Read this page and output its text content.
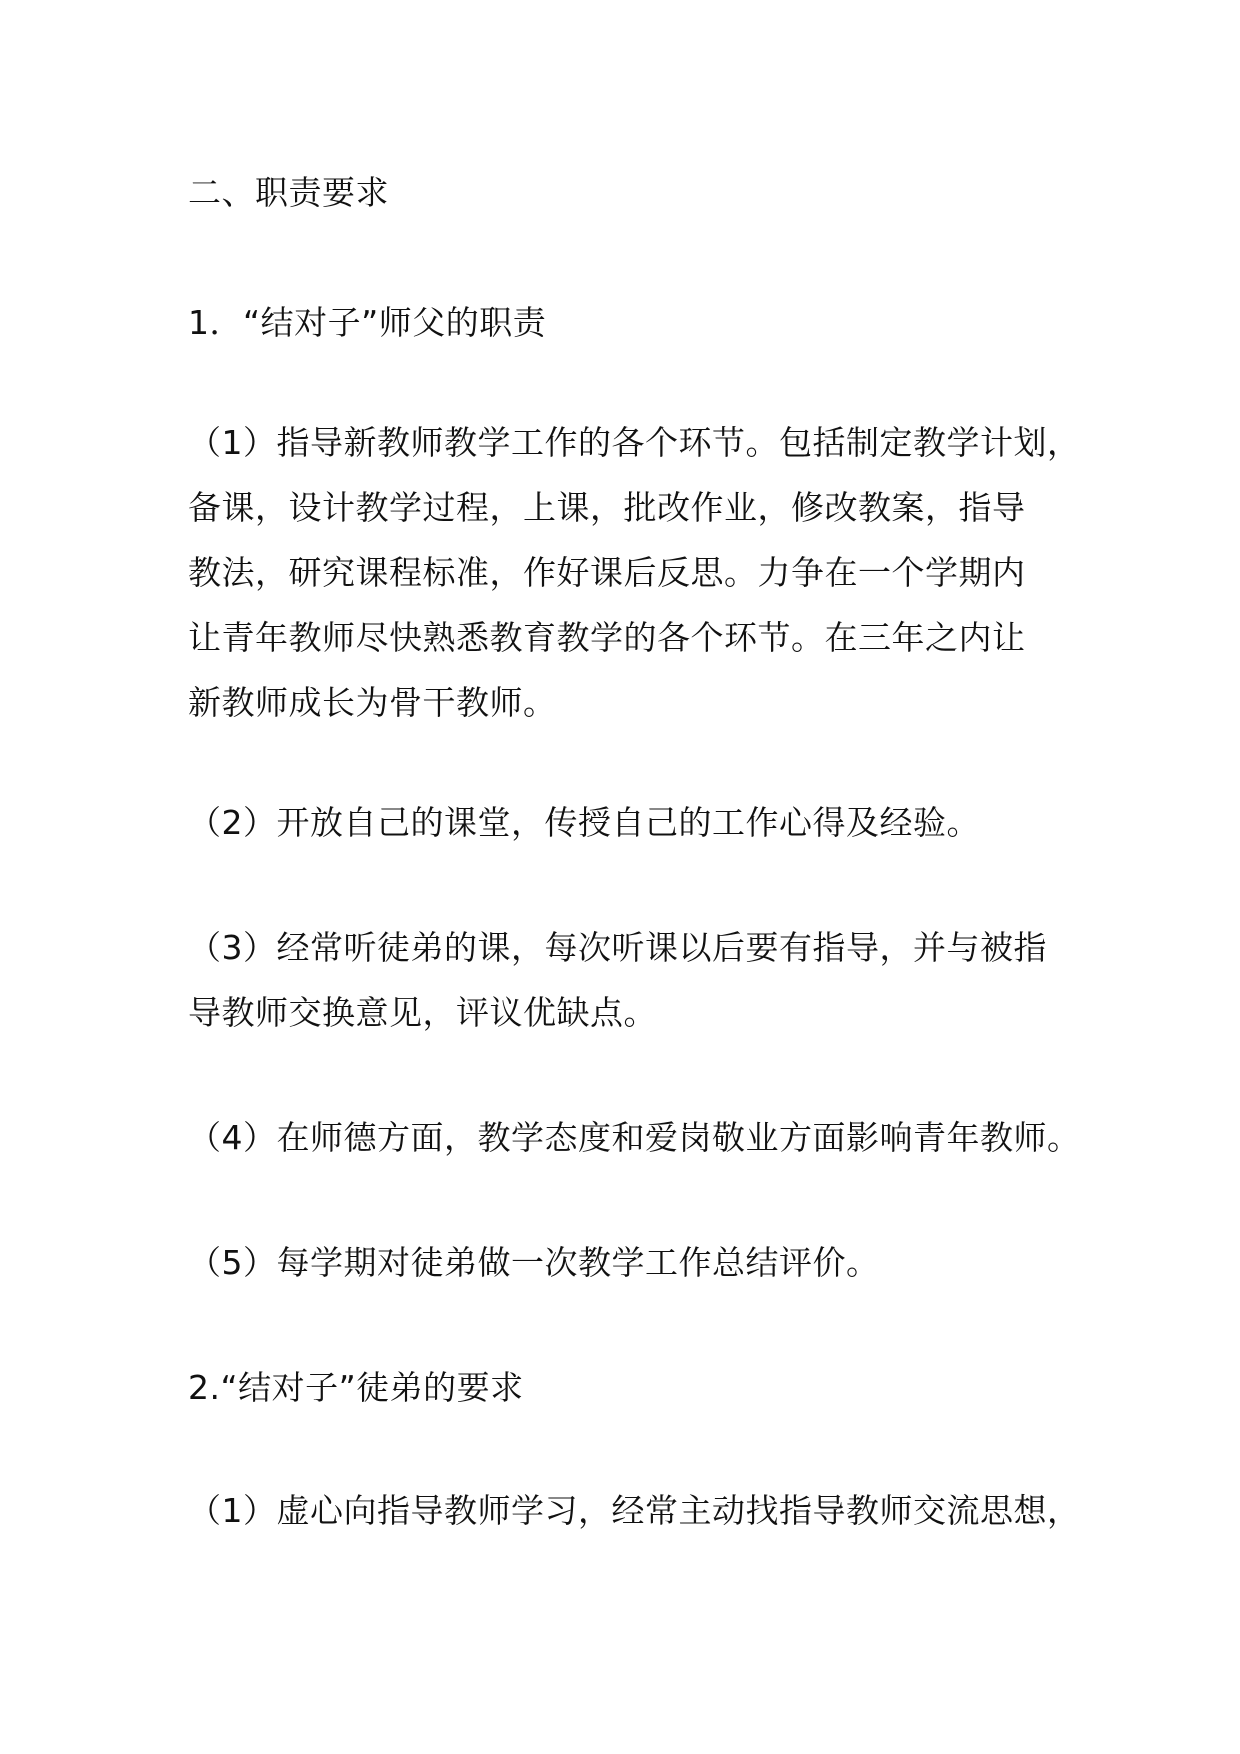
二、职责要求

1．“结对子”师父的职责

（1）指导新教师教学工作的各个环节。包括制定教学计划，
备课，设计教学过程，上课，批改作业，修改教案，指导
教法，研究课程标准，作好课后反思。力争在一个学期内
让青年教师尽快熟悉教育教学的各个环节。在三年之内让
新教师成长为骨干教师。
（2）开放自己的课堂，传授自己的工作心得及经验。
（3）经常听徒弟的课，每次听课以后要有指导，并与被指
导教师交换意见，评议优缺点。
（4）在师德方面，教学态度和爱岗敬业方面影响青年教师。
（5）每学期对徒弟做一次教学工作总结评价。

2.“结对子”徒弟的要求

（1）虚心向指导教师学习，经常主动找指导教师交流思想，
